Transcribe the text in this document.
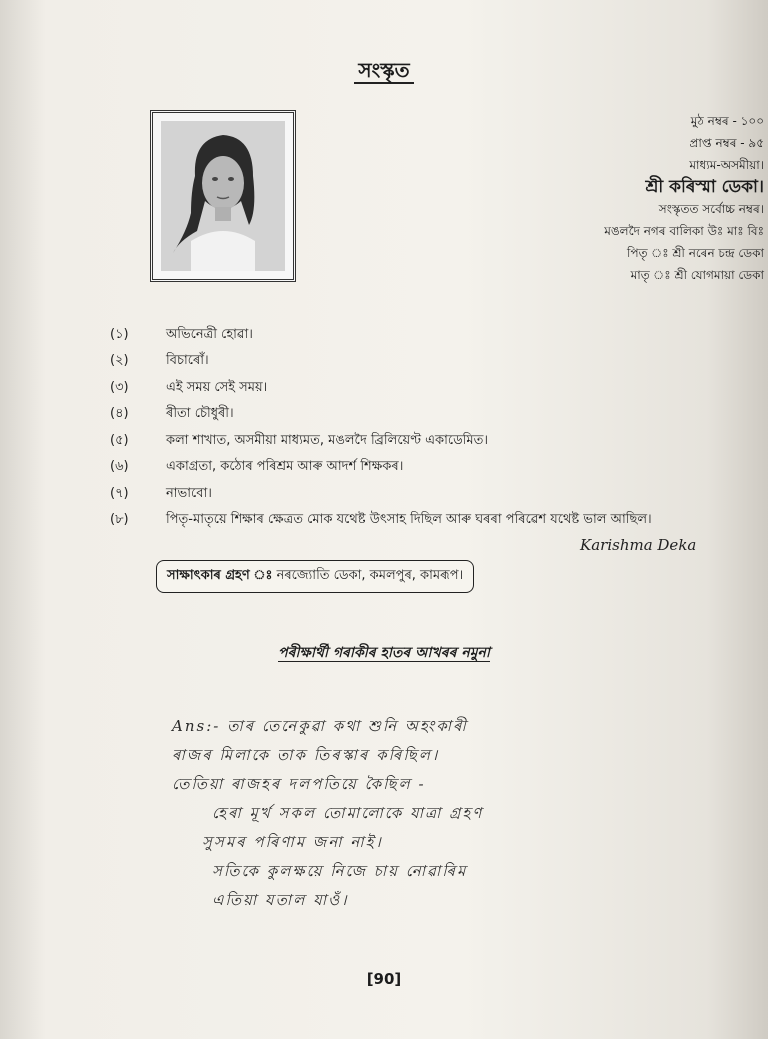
সংস্কৃত
মুঠ নম্বৰ - ১০০
প্ৰাপ্ত নম্বৰ - ৯৫
মাধ্যম-অসমীয়া।
শ্ৰী কৰিস্মা ডেকা।
সংস্কৃতত সৰ্বোচ্চ নম্বৰ।
মঙলদৈ নগৰ বালিকা উঃ মাঃ বিঃ
পিতৃ ঃ শ্ৰী নৰেন চন্দ্ৰ ডেকা
মাতৃ ঃ শ্ৰী যোগমায়া ডেকা
(১)	অভিনেত্ৰী হোৱা।
(২)	বিচাৰোঁ।
(৩)	এই সময় সেই সময়।
(৪)	ৰীতা চৌধুৰী।
(৫)	কলা শাখাত, অসমীয়া মাধ্যমত, মঙলদৈ ব্ৰিলিয়েণ্ট একাডেমিত।
(৬)	একাগ্ৰতা, কঠোৰ পৰিশ্ৰম আৰু আদৰ্শ শিক্ষকৰ।
(৭)	নাভাবো।
(৮)	পিতৃ-মাতৃয়ে শিক্ষাৰ ক্ষেত্ৰত মোক যথেষ্ট উৎসাহ দিছিল আৰু ঘৰৰা পৰিৱেশ যথেষ্ট ভাল আছিল।
Karishma Deka
সাক্ষাৎকাৰ গ্ৰহণ ঃ নৰজ্যোতি ডেকা, কমলপুৰ, কামৰূপ।
পৰীক্ষাৰ্থী গৰাকীৰ হাতৰ আখৰৰ নমুনা
Ans:- তাৰ তেনেকুৱা কথা শুনি অহংকাৰী
ৰাজৰ মিলাকে তাক তিৰস্কাৰ কৰিছিল।
তেতিয়া ৰাজহৰ দলপতিয়ে কৈছিল -
হেৰা মূৰ্খ সকল তোমালোকে যাত্ৰা গ্ৰহণ
সুসমৰ পৰিণাম জনা নাই।
সতিকে কুলক্ষয়ে নিজে চায় নোৱাৰিম
এতিয়া যতাল যাওঁ।
[90]
